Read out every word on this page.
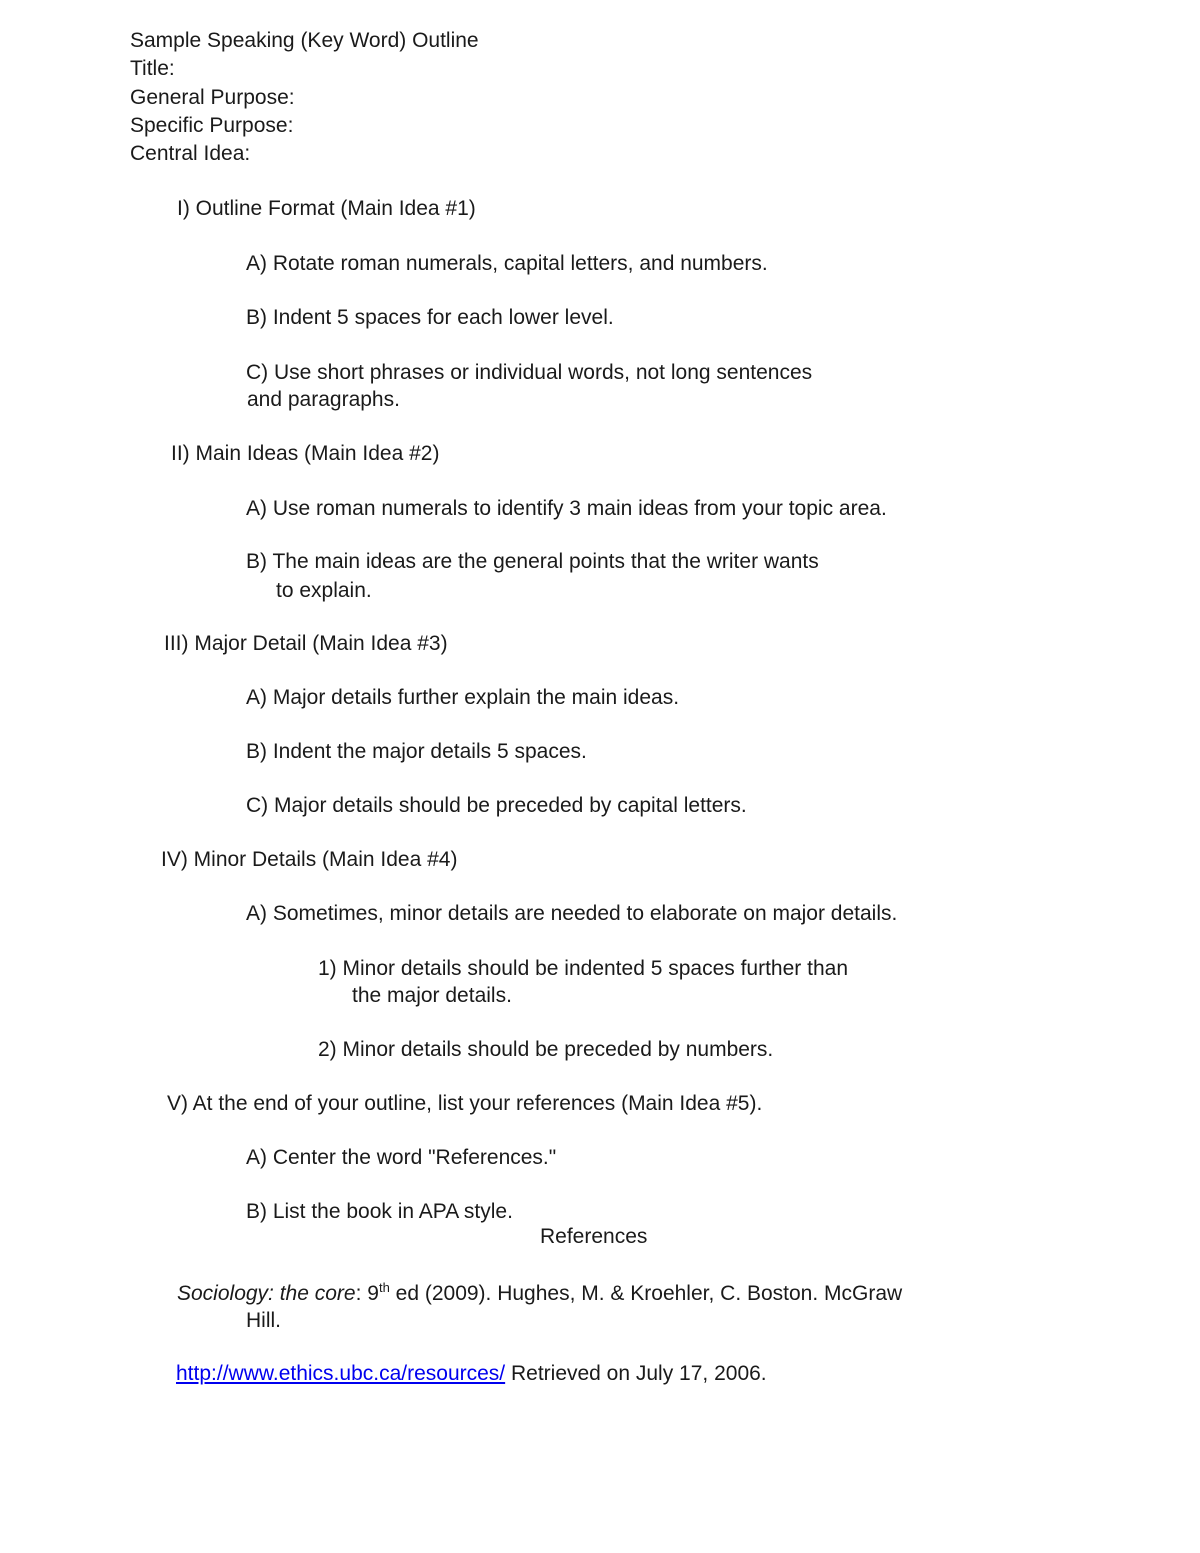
Sample Speaking (Key Word) Outline
Title:
General Purpose:
Specific Purpose:
Central Idea:
I) Outline Format (Main Idea #1)
A) Rotate roman numerals, capital letters, and numbers.
B) Indent 5 spaces for each lower level.
C) Use short phrases or individual words, not long sentences
and paragraphs.
II) Main Ideas (Main Idea #2)
A) Use roman numerals to identify 3 main ideas from your topic area.
B) The main ideas are the general points that the writer wants
to explain.
III) Major Detail (Main Idea #3)
A) Major details further explain the main ideas.
B) Indent the major details 5 spaces.
C) Major details should be preceded by capital letters.
IV) Minor Details (Main Idea #4)
A) Sometimes, minor details are needed to elaborate on major details.
1) Minor details should be indented 5 spaces further than
the major details.
2) Minor details should be preceded by numbers.
V) At the end of your outline, list your references (Main Idea #5).
A) Center the word "References."
B) List the book in APA style.
References
Sociology: the core: 9th ed (2009). Hughes, M. & Kroehler, C. Boston. McGraw
Hill.
http://www.ethics.ubc.ca/resources/ Retrieved on July 17, 2006.
